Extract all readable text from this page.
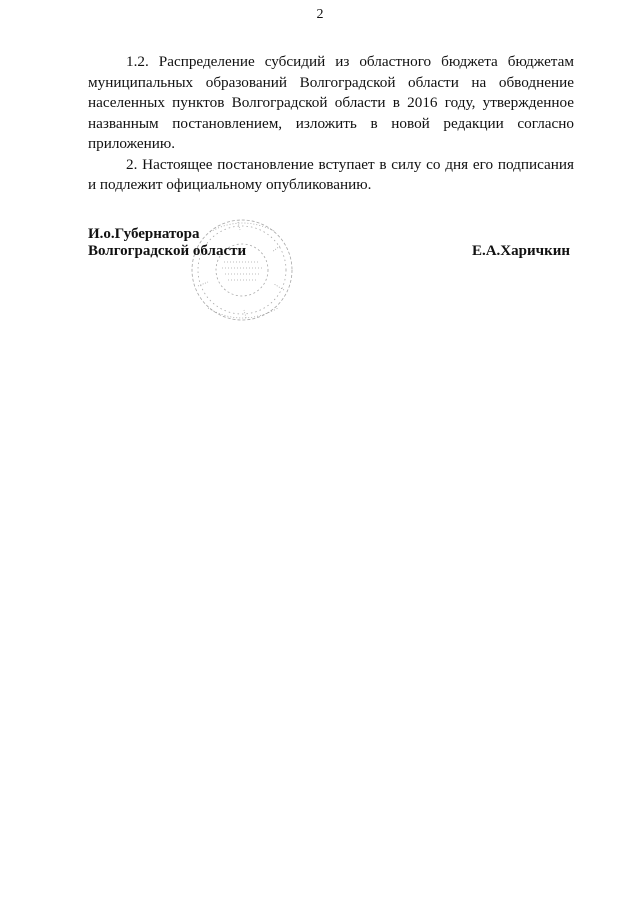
2

1.2. Распределение субсидий из областного бюджета бюджетам муниципальных образований Волгоградской области на обводнение населенных пунктов Волгоградской области в 2016 году, утвержденное названным постановлением, изложить в новой редакции согласно приложению.

2. Настоящее постановление вступает в силу со дня его подписания и подлежит официальному опубликованию.

И.о.Губернатора
Волгоградской области	Е.А.Харичкин
